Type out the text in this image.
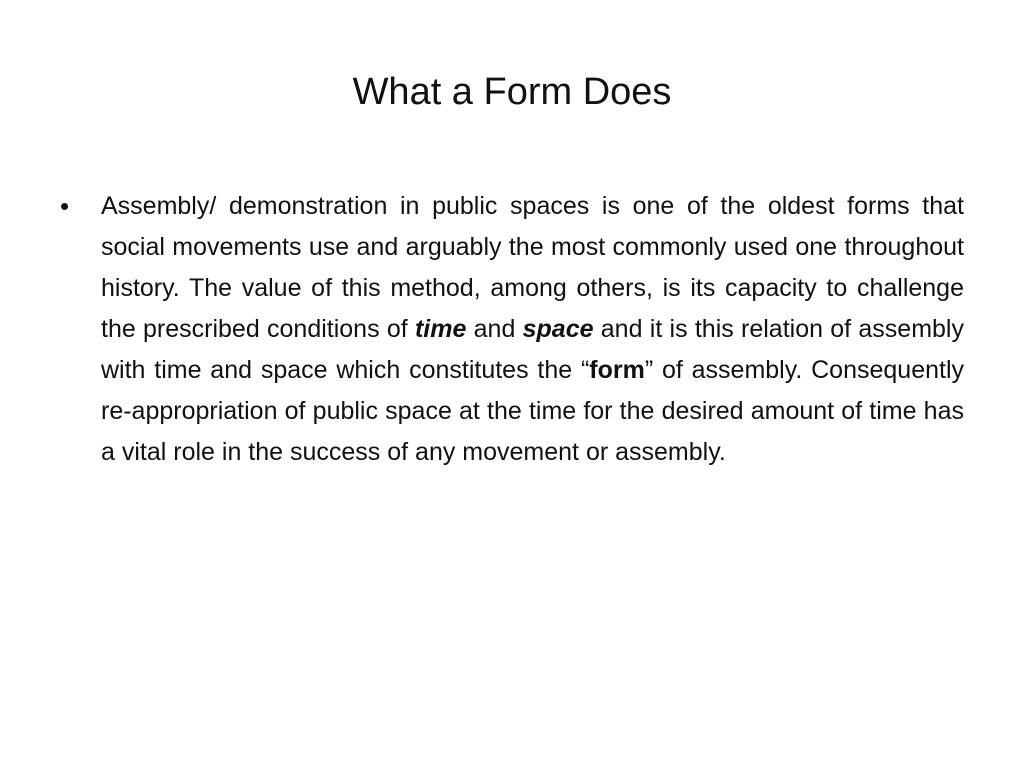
What a Form Does
• Assembly/ demonstration in public spaces is one of the oldest forms that social movements use and arguably the most commonly used one throughout history. The value of this method, among others, is its capacity to challenge the prescribed conditions of time and space and it is this relation of assembly with time and space which constitutes the “form” of assembly. Consequently re-appropriation of public space at the time for the desired amount of time has a vital role in the success of any movement or assembly.
